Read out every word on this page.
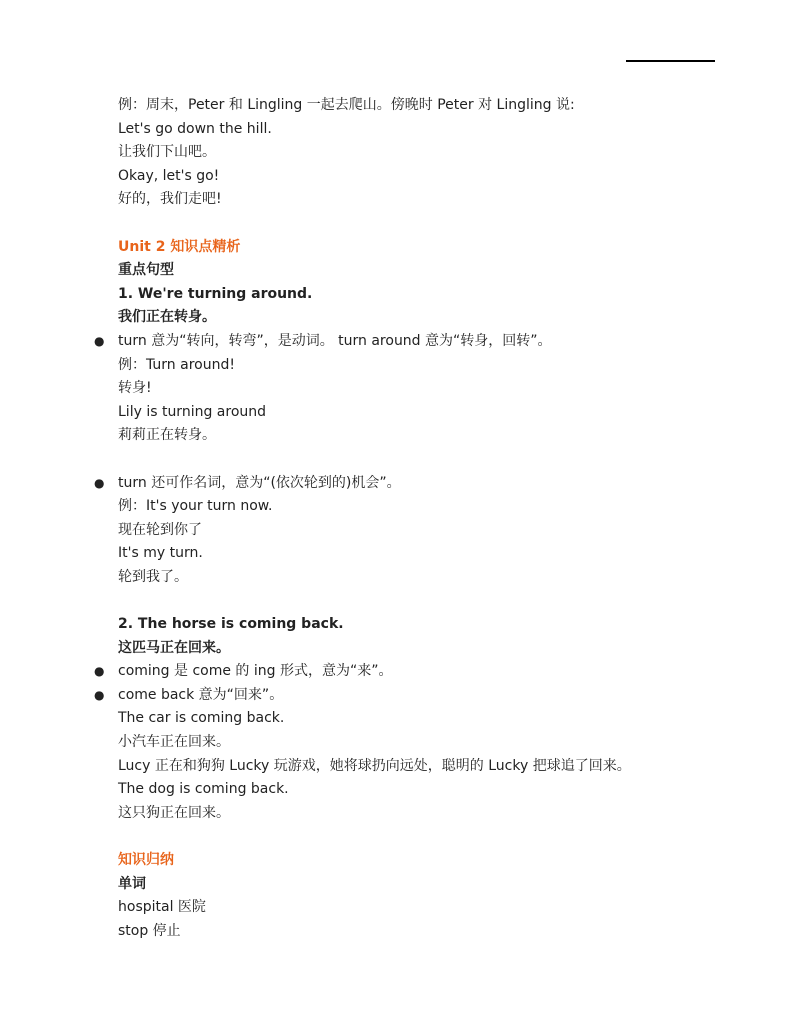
例：周末，Peter 和 Lingling 一起去爬山。傍晚时 Peter 对 Lingling 说:
Let's go down the hill.
让我们下山吧。
Okay, let's go!
好的，我们走吧!
Unit 2 知识点精析
重点句型
1. We're turning around.
我们正在转身。
● turn 意为“转向，转弯”，是动词。 turn around 意为“转身，回转”。
例：Turn around!
转身!
Lily is turning around
莉莉正在转身。
● turn 还可作名词，意为“(依次轮到的)机会”。
例：It's your turn now.
现在轮到你了
It's my turn.
轮到我了。
2. The horse is coming back.
这匹马正在回来。
● coming 是 come 的 ing 形式，意为“来”。
● come back 意为“回来”。
The car is coming back.
小汽车正在回来。
Lucy 正在和狗狗 Lucky 玩游戏，她将球扔向远处，聪明的 Lucky 把球追了回来。
The dog is coming back.
这只狗正在回来。
知识归纳
单词
hospital 医院
stop 停止
